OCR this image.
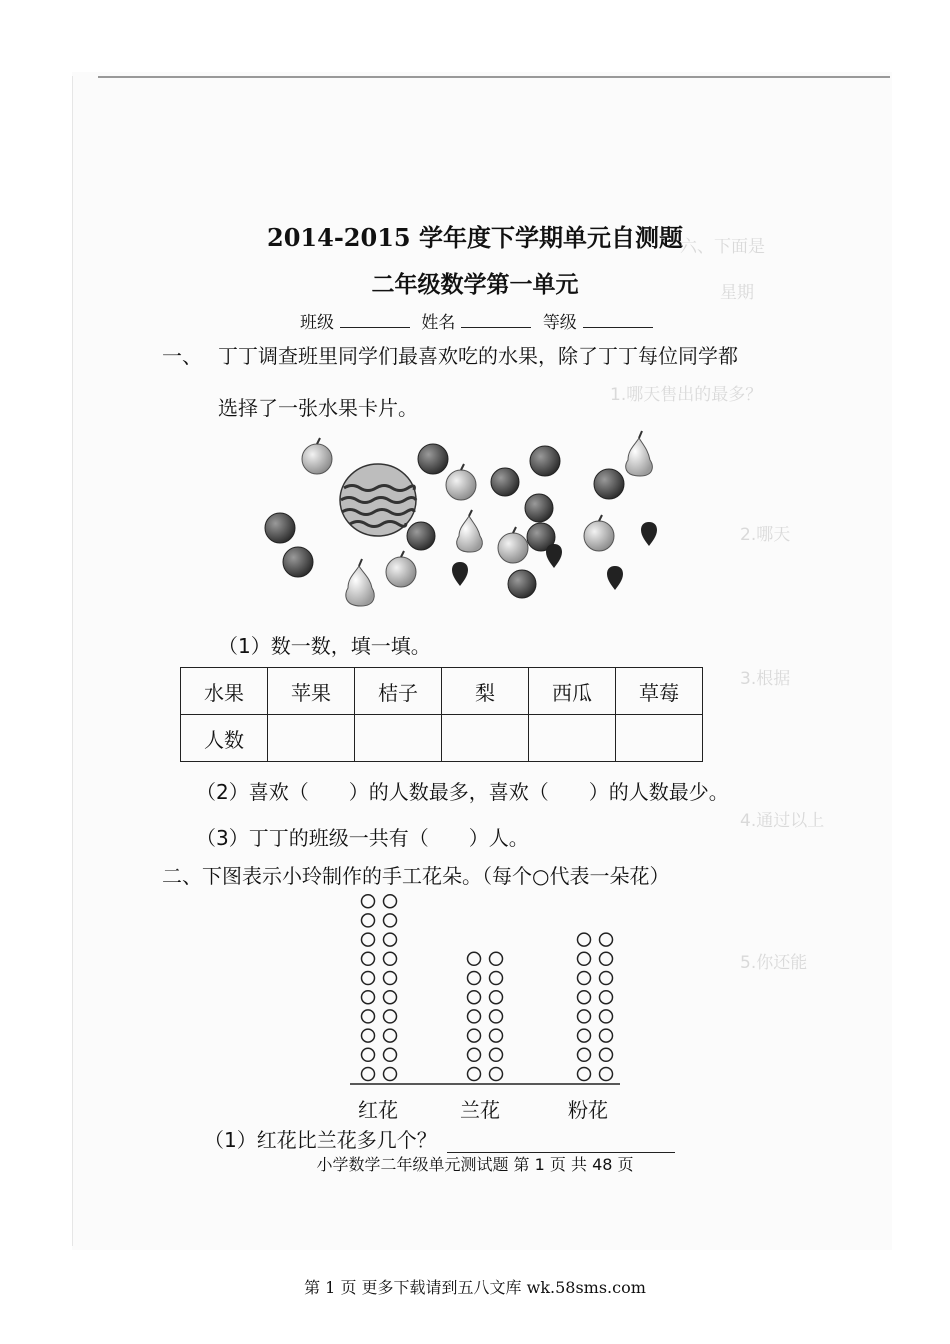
六、下面是
星期
1.哪天售出的最多？
2.哪天
3.根据
4.通过以上
5.你还能
2014-2015 学年度下学期单元自测题
二年级数学第一单元
班级	姓名	等级
一、 丁丁调查班里同学们最喜欢吃的水果，除了丁丁每位同学都
选择了一张水果卡片。
（1）数一数，填一填。
水果	苹果	桔子	梨	西瓜	草莓
人数					
（2）喜欢（　　）的人数最多，喜欢（　　）的人数最少。
（3）丁丁的班级一共有（　　）人。
二、下图表示小玲制作的手工花朵。（每个○代表一朵花）
红花	兰花	粉花
（1）红花比兰花多几个？
小学数学二年级单元测试题 第 1 页 共 48 页
第 1 页 更多下载请到五八文库 wk.58sms.com
